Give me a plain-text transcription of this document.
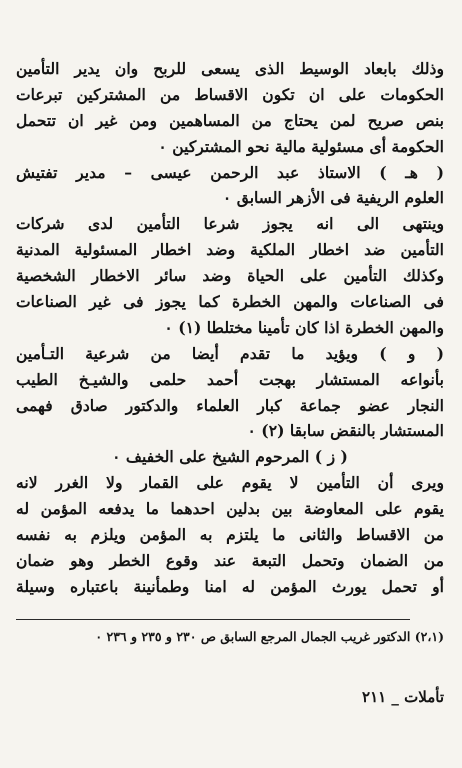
وذلك بابعاد الوسيط الذى يسعى للربح وان يدير التأمين
الحكومات على ان تكون الاقساط من المشتركين تبرعات
بنص صريح لمن يحتاج من المساهمين ومن غير ان تتحمل
الحكومة أى مسئولية مالية نحو المشتركين ٠
( هـ ) الاستاذ عبد الرحمن عيسى – مدير تفتيش
العلوم الريفية فى الأزهر السابق ٠
وينتهى الى انه يجوز شرعا التأمين لدى شركات
التأمين ضد اخطار الملكية وضد اخطار المسئولية المدنية
وكذلك التأمين على الحياة وضد سائر الاخطار الشخصية
فى الصناعات والمهن الخطرة كما يجوز فى غير الصناعات
والمهن الخطرة اذا كان تأمينا مختلطا (١) ٠
( و ) ويؤيد ما تقدم أيضا من شرعية التـأمين
بأنواعه المستشار بهجت أحمد حلمى والشيـخ الطيب
النجار عضو جماعة كبار العلماء والدكتور صادق فهمى
المستشار بالنقض سابقا (٢) ٠
( ز ) المرحوم الشيخ على الخفيف ٠
ويرى أن التأمين لا يقوم على القمار ولا الغرر لانه
يقوم على المعاوضة بين بدلين احدهما ما يدفعه المؤمن له
من الاقساط والثانى ما يلتزم به المؤمن ويلزم به نفسه
من الضمان وتحمل التبعة عند وقوع الخطر وهو ضمان
أو تحمل يورث المؤمن له امنا وطمأنينة باعتباره وسيلة
(٢،١) الدكتور غريب الجمال المرجع السابق ص ٢٣٠ و ٢٣٥ و ٢٣٦ ٠
تأملات _ ٢١١
